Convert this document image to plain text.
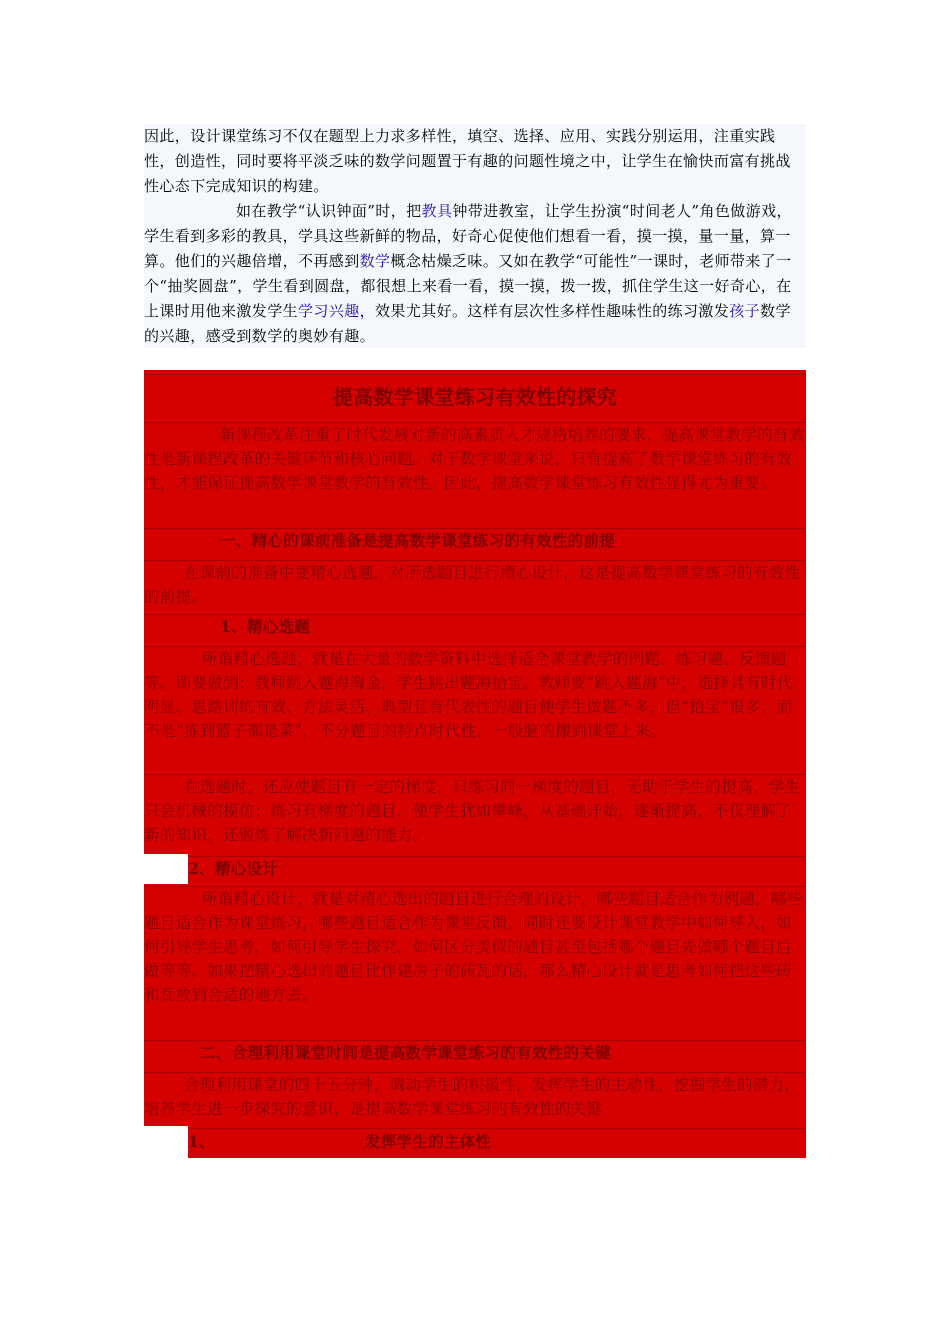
因此，设计课堂练习不仅在题型上力求多样性，填空、选择、应用、实践分别运用，注重实践性，创造性，同时要将平淡乏味的数学问题置于有趣的问题性境之中，让学生在愉快而富有挑战性心态下完成知识的构建。

如在教学“认识钟面”时，把教具钟带进教室，让学生扮演“时间老人”角色做游戏，学生看到多彩的教具，学具这些新鲜的物品，好奇心促使他们想看一看，摸一摸，量一量，算一算。他们的兴趣倍增，不再感到数学概念枯燥乏味。又如在教学“可能性”一课时，老师带来了一个“抽奖圆盘”，学生看到圆盘，都很想上来看一看，摸一摸，拨一拨，抓住学生这一好奇心，在上课时用他来激发学生学习兴趣，效果尤其好。这样有层次性多样性趣味性的练习激发孩子数学的兴趣，感受到数学的奥妙有趣。

提高数学课堂练习有效性的探究

新课程改革注重了时代发展对新的高素质人才规格培养的要求，提高课堂教学的有效性是新课程改革的关键环节和核心问题。对于数学课堂来说，只有提高了数学课堂练习的有效性，才能保证提高数学课堂教学的有效性。因此，提高数学课堂练习有效性显得尤为重要。

一、精心的课前准备是提高数学课堂练习的有效性的前提

在课前的准备中要精心选题，对所选题目进行精心设计，这是提高数学课堂练习的有效性的前提。

1、精心选题

所谓精心选题，就是在大量的数学资料中选择适合课堂教学的例题、练习题、反馈题等。即要做到：教师跳入题海淘金，学生跳出题海拾宝。教师要“跳入题海”中，选择具有时代明显、思路训练有效、方法灵活、典型且有代表性的题目使学生做题不多，但“拾宝”很多，而不是“拣到篮子都是菜”，不分题目的特点时代性，一股脑的搬到课堂上来。

在选题时，还应使题目有一定的梯度，只练习同一梯度的题目，无助于学生的提高，学生只会机械的模仿；练习有梯度的题目，使学生犹如攀峰，从基础开始，逐渐提高，不仅理解了新的知识，还锻炼了解决新问题的能力。

2、精心设计

所谓精心设计，就是对精心选出的题目进行合理的设计，哪些题目适合作为例题，哪些题目适合作为课堂练习，哪些题目适合作为课堂反馈，同时还要设计课堂教学中如何导入，如何引导学生思考，如何引导学生探究，如何区分类似的题目甚至包括哪个题目先做哪个题目后做等等。如果把精心选出的题目比作建房子的砖瓦的话，那么精心设计就是思考如何把这些砖和瓦放到合适的地方去。

二、合理利用课堂时间是提高数学课堂练习的有效性的关键

合理利用课堂的四十五分钟，调动学生的积极性，发挥学生的主动性，挖掘学生的潜力，培养学生进一步探究的意识，是提高数学课堂练习的有效性的关键

1、	发挥学生的主体性
